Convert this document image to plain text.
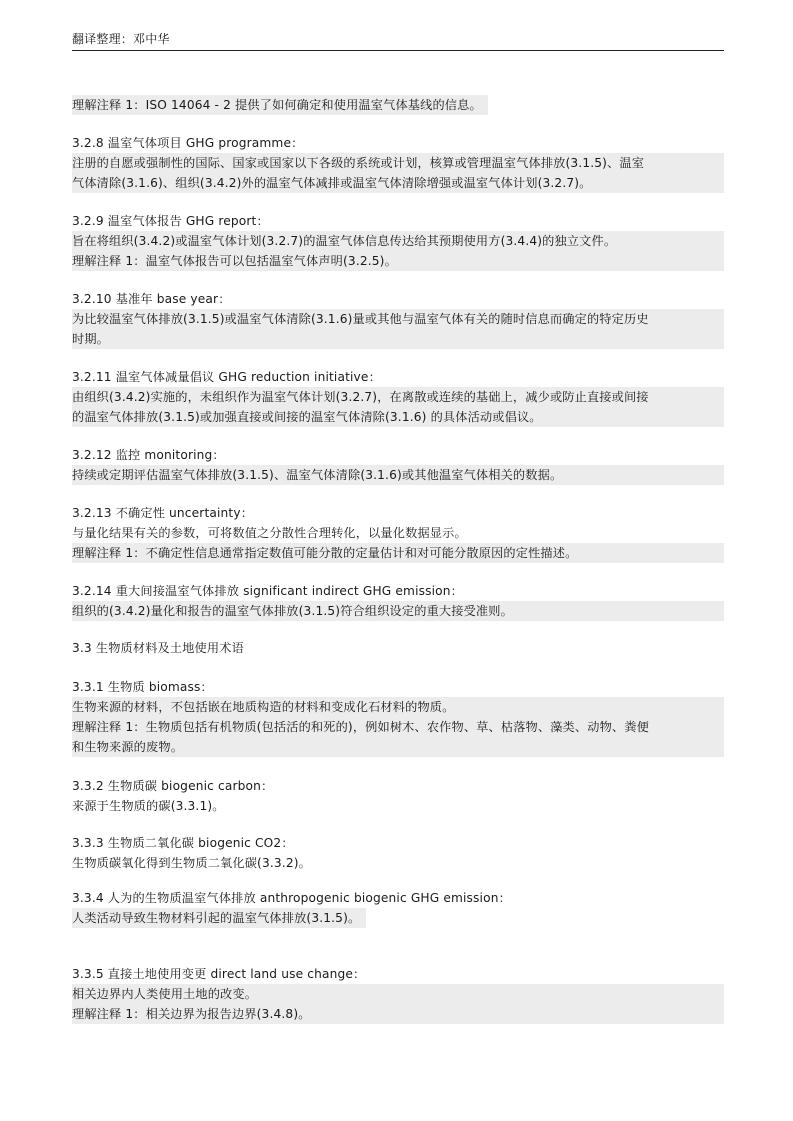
翻译整理：邓中华
理解注释 1：ISO 14064 - 2 提供了如何确定和使用温室气体基线的信息。
3.2.8 温室气体项目 GHG programme：
注册的自愿或强制性的国际、国家或国家以下各级的系统或计划，核算或管理温室气体排放(3.1.5)、温室
气体清除(3.1.6)、组织(3.4.2)外的温室气体减排或温室气体清除增强或温室气体计划(3.2.7)。
3.2.9 温室气体报告 GHG report：
旨在将组织(3.4.2)或温室气体计划(3.2.7)的温室气体信息传达给其预期使用方(3.4.4)的独立文件。
理解注释 1：温室气体报告可以包括温室气体声明(3.2.5)。
3.2.10 基准年 base year：
为比较温室气体排放(3.1.5)或温室气体清除(3.1.6)量或其他与温室气体有关的随时信息而确定的特定历史
时期。
3.2.11 温室气体减量倡议 GHG reduction initiative：
由组织(3.4.2)实施的，未组织作为温室气体计划(3.2.7)，在离散或连续的基础上，减少或防止直接或间接
的温室气体排放(3.1.5)或加强直接或间接的温室气体清除(3.1.6) 的具体活动或倡议。
3.2.12 监控 monitoring：
持续或定期评估温室气体排放(3.1.5)、温室气体清除(3.1.6)或其他温室气体相关的数据。
3.2.13 不确定性 uncertainty：
与量化结果有关的参数，可将数值之分散性合理转化，以量化数据显示。
理解注释 1：不确定性信息通常指定数值可能分散的定量估计和对可能分散原因的定性描述。
3.2.14 重大间接温室气体排放 significant indirect GHG emission：
组织的(3.4.2)量化和报告的温室气体排放(3.1.5)符合组织设定的重大接受准则。
3.3 生物质材料及土地使用术语
3.3.1 生物质 biomass：
生物来源的材料，不包括嵌在地质构造的材料和变成化石材料的物质。
理解注释 1：生物质包括有机物质(包括活的和死的)，例如树木、农作物、草、枯落物、藻类、动物、粪便
和生物来源的废物。
3.3.2 生物质碳 biogenic carbon：
来源于生物质的碳(3.3.1)。
3.3.3 生物质二氧化碳 biogenic CO2：
生物质碳氧化得到生物质二氧化碳(3.3.2)。
3.3.4 人为的生物质温室气体排放 anthropogenic biogenic GHG emission：
人类活动导致生物材料引起的温室气体排放(3.1.5)。
3.3.5 直接土地使用变更 direct land use change：
相关边界内人类使用土地的改变。
理解注释 1：相关边界为报告边界(3.4.8)。
